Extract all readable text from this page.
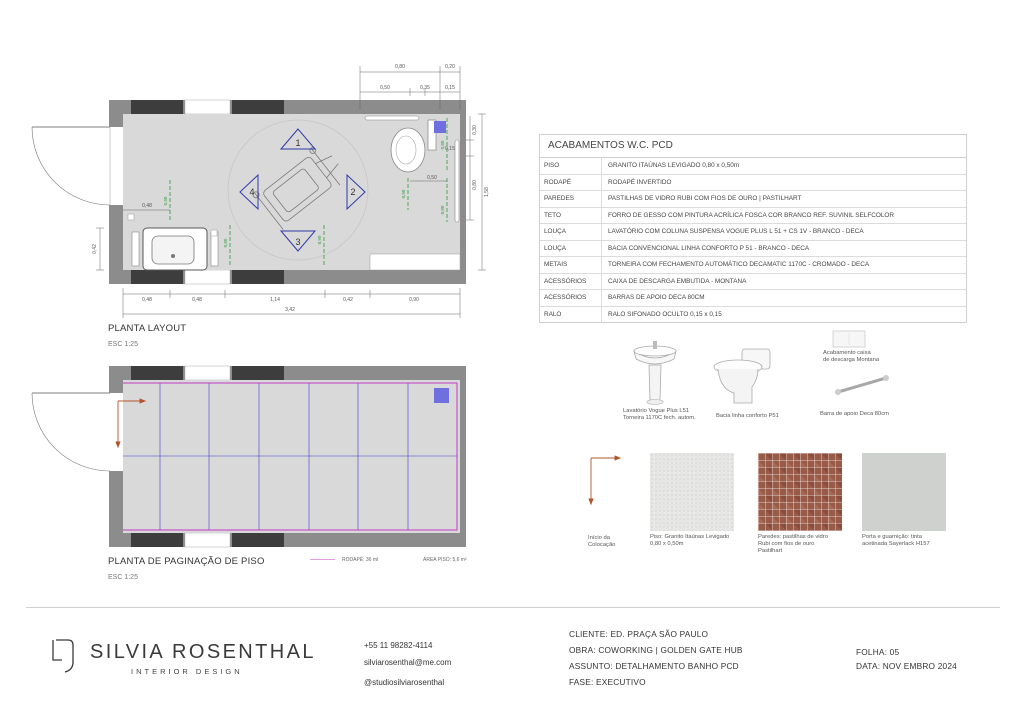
1
2
3
4
0,90
0,80	0,90
0,90
0,80
0,80
0,80	0,20
0,50	0,35	0,15
0,30
0,15
0,80
1,58
0,50
0,48
0,42
0,48	0,48	1,14	0,42	0,90
3,42
PLANTA LAYOUT
ESC 1:25
PLANTA DE PAGINAÇÃO DE PISO
ESC 1:25
RODAPÉ: 36 ml	ÁREA PISO: 5,6 m²
ACABAMENTOS W.C. PCD
PISO	GRANITO ITAÚNAS LEVIGADO 0,80 x 0,50m
RODAPÉ	RODAPÉ INVERTIDO
PAREDES	PASTILHAS DE VIDRO RUBI COM FIOS DE OURO | PASTILHART
TETO	FORRO DE GESSO COM PINTURA ACRÍLICA FOSCA COR BRANCO REF. SUVINIL SELFCOLOR
LOUÇA	LAVATÓRIO COM COLUNA SUSPENSA VOGUE PLUS L 51 + CS 1V - BRANCO - DECA
LOUÇA	BACIA CONVENCIONAL LINHA CONFORTO P 51 - BRANCO - DECA
METAIS	TORNEIRA COM FECHAMENTO AUTOMÁTICO DECAMATIC 1170C - CROMADO - DECA
ACESSÓRIOS	CAIXA DE DESCARGA EMBUTIDA - MONTANA
ACESSÓRIOS	BARRAS DE APOIO DECA 80CM
RALO	RALO SIFONADO OCULTO 0,15 x 0,15
Lavatório Vogue Plus L51
Torneira 1170C fech. autom.	Bacia linha conforto P51
Acabamento caixa
de descarga Montana
Barra de apoio Deca 80cm
Início da
Colocação
Piso: Granito Itaúnas Levigado
0,80 x 0,50m
Paredes: pastilhas de vidro
Rubi com fios de ouro
Pastilhart
Porta e guarnição: tinta
acetinada Sayerlack H157
SILVIA ROSENTHAL
INTERIOR DESIGN
+55 11 98282-4114
silviarosenthal@me.com
@studiosilviarosenthal
CLIENTE: ED. PRAÇA SÃO PAULO
OBRA: COWORKING | GOLDEN GATE HUB
ASSUNTO: DETALHAMENTO BANHO PCD
FASE: EXECUTIVO
FOLHA: 05
DATA: NOV EMBRO 2024
